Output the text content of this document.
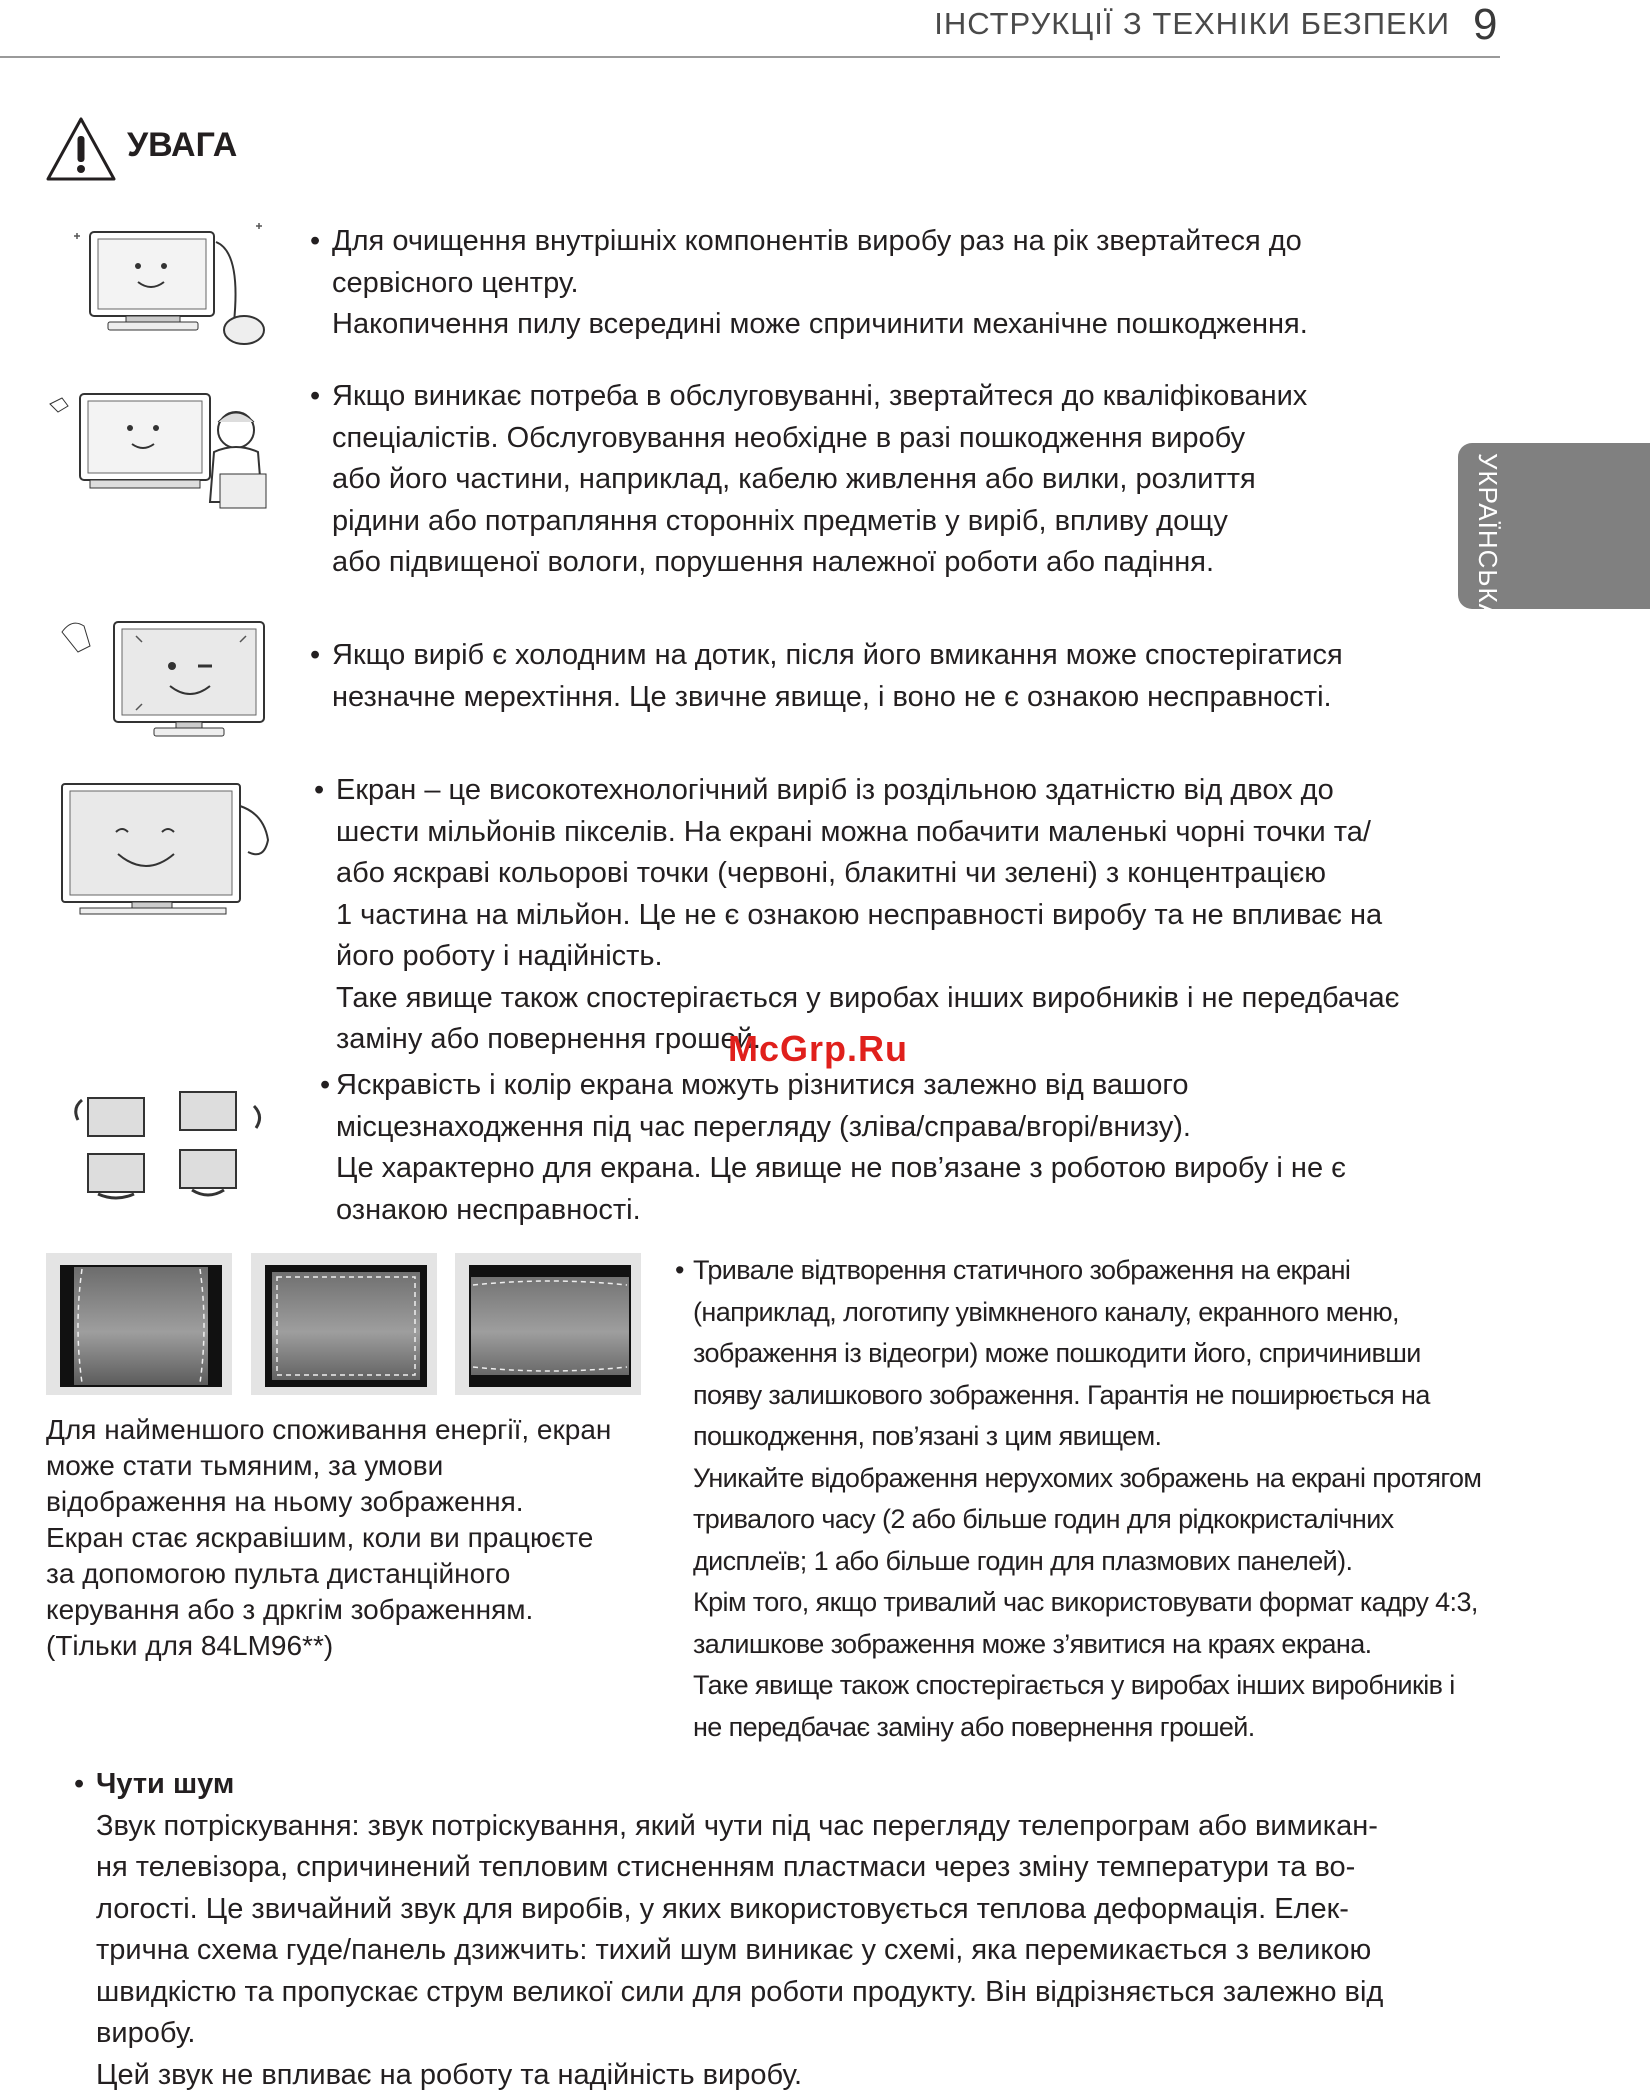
ІНСТРУКЦІЇ З ТЕХНІКИ БЕЗПЕКИ 9
УКРАЇНСЬКА
УВАГА
• Для очищення внутрішніх компонентів виробу раз на рік звертайтеся до

сервісного центру.

Накопичення пилу всередині може спричинити механічне пошкодження.

• Якщо виникає потреба в обслуговуванні, звертайтеся до кваліфікованих

спеціалістів. Обслуговування необхідне в разі пошкодження виробу

або його частини, наприклад, кабелю живлення або вилки, розлиття

рідини або потрапляння сторонніх предметів у виріб, впливу дощу

або підвищеної вологи, порушення належної роботи або падіння.

• Якщо виріб є холодним на дотик, після його вмикання може спостерігатися

незначне мерехтіння. Це звичне явище, і воно не є ознакою несправності.

• Екран – це високотехнологічний виріб із роздільною здатністю від двох до

шести мільйонів пікселів. На екрані можна побачити маленькі чорні точки та/

або яскраві кольорові точки (червоні, блакитні чи зелені) з концентрацією

1 частина на мільйон. Це не є ознакою несправності виробу та не впливає на

його роботу і надійність.

Таке явище також спостерігається у виробах інших виробників і не передбачає

заміну або повернення грошей.

McGrp.Ru
• Яскравість і колір екрана можуть різнитися залежно від вашого

місцезнаходження під час перегляду (зліва/справа/вгорі/внизу).

Це характерно для екрана. Це явище не пов’язане з роботою виробу і не є

ознакою несправності.

Для найменшого споживання енергії, екран
може стати тьмяним, за умови
відображення на ньому зображення.
Екран стає яскравішим, коли ви працюєте
за допомогою пульта дистанційного
керування або з дркгім зображенням.
(Тільки для 84LM96**)
• Тривале відтворення статичного зображення на екрані
(наприклад, логотипу увімкненого каналу, екранного меню,
зображення із відеогри) може пошкодити його, спричинивши
появу залишкового зображення. Гарантія не поширюється на
пошкодження, пов’язані з цим явищем.
Уникайте відображення нерухомих зображень на екрані протягом
тривалого часу (2 або більше годин для рідкокристалічних
дисплеїв; 1 або більше годин для плазмових панелей).
Крім того, якщо тривалий час використовувати формат кадру 4:3,
залишкове зображення може з’явитися на краях екрана.
Таке явище також спостерігається у виробах інших виробників і
не передбачає заміну або повернення грошей.
• Чути шум
Звук потріскування: звук потріскування, який чути під час перегляду телепрограм або вимикан-
ня телевізора, спричинений тепловим стисненням пластмаси через зміну температури та во-
логості. Це звичайний звук для виробів, у яких використовується теплова деформація. Елек-
трична схема гуде/панель дзижчить: тихий шум виникає у схемі, яка перемикається з великою
швидкістю та пропускає струм великої сили для роботи продукту. Він відрізняється залежно від
виробу.
Цей звук не впливає на роботу та надійність виробу.
